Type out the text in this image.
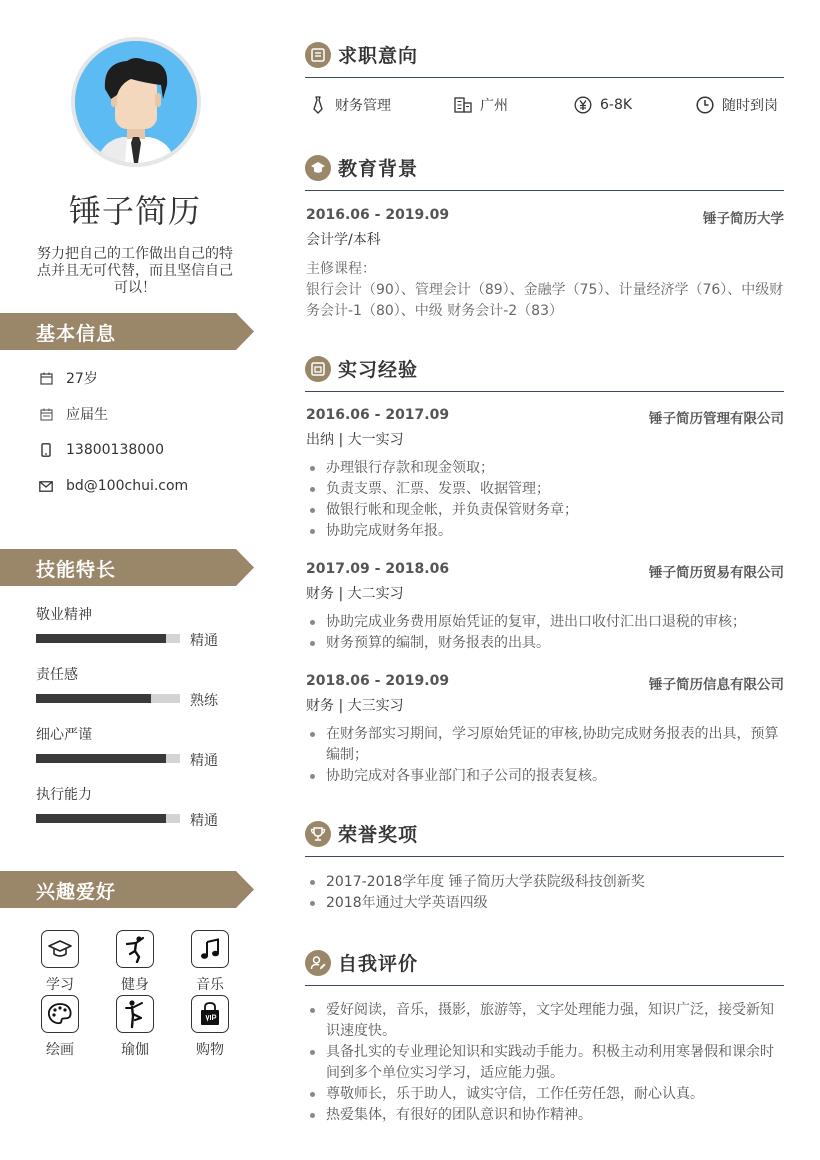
锤子简历
努力把自己的工作做出自己的特点并且无可代替，而且坚信自己可以！
基本信息
27岁
应届生
13800138000
bd@100chui.com
技能特长
敬业精神
精通
责任感
熟练
细心严谨
精通
执行能力
精通
兴趣爱好
学习	健身	音乐
绘画	瑜伽	购物
求职意向
财务管理	广州	6-8K	随时到岗
教育背景
2016.06 - 2019.09	锤子简历大学
会计学/本科
主修课程：
银行会计（90）、管理会计（89）、金融学（75）、计量经济学（76）、中级财务会计-1（80）、中级 财务会计-2（83）
实习经验
2016.06 - 2017.09	锤子简历管理有限公司
出纳 | 大一实习
办理银行存款和现金领取；
负责支票、汇票、发票、收据管理；
做银行帐和现金帐，并负责保管财务章；
协助完成财务年报。
2017.09 - 2018.06	锤子简历贸易有限公司
财务 | 大二实习
协助完成业务费用原始凭证的复审，进出口收付汇出口退税的审核；
财务预算的编制，财务报表的出具。
2018.06 - 2019.09	锤子简历信息有限公司
财务 | 大三实习
在财务部实习期间，学习原始凭证的审核,协助完成财务报表的出具，预算编制；
协助完成对各事业部门和子公司的报表复核。
荣誉奖项
2017-2018学年度 锤子简历大学获院级科技创新奖
2018年通过大学英语四级
自我评价
爱好阅读，音乐，摄影，旅游等，文字处理能力强，知识广泛，接受新知识速度快。
具备扎实的专业理论知识和实践动手能力。积极主动利用寒暑假和课余时间到多个单位实习学习，适应能力强。
尊敬师长，乐于助人，诚实守信，工作任劳任怨，耐心认真。
热爱集体，有很好的团队意识和协作精神。
